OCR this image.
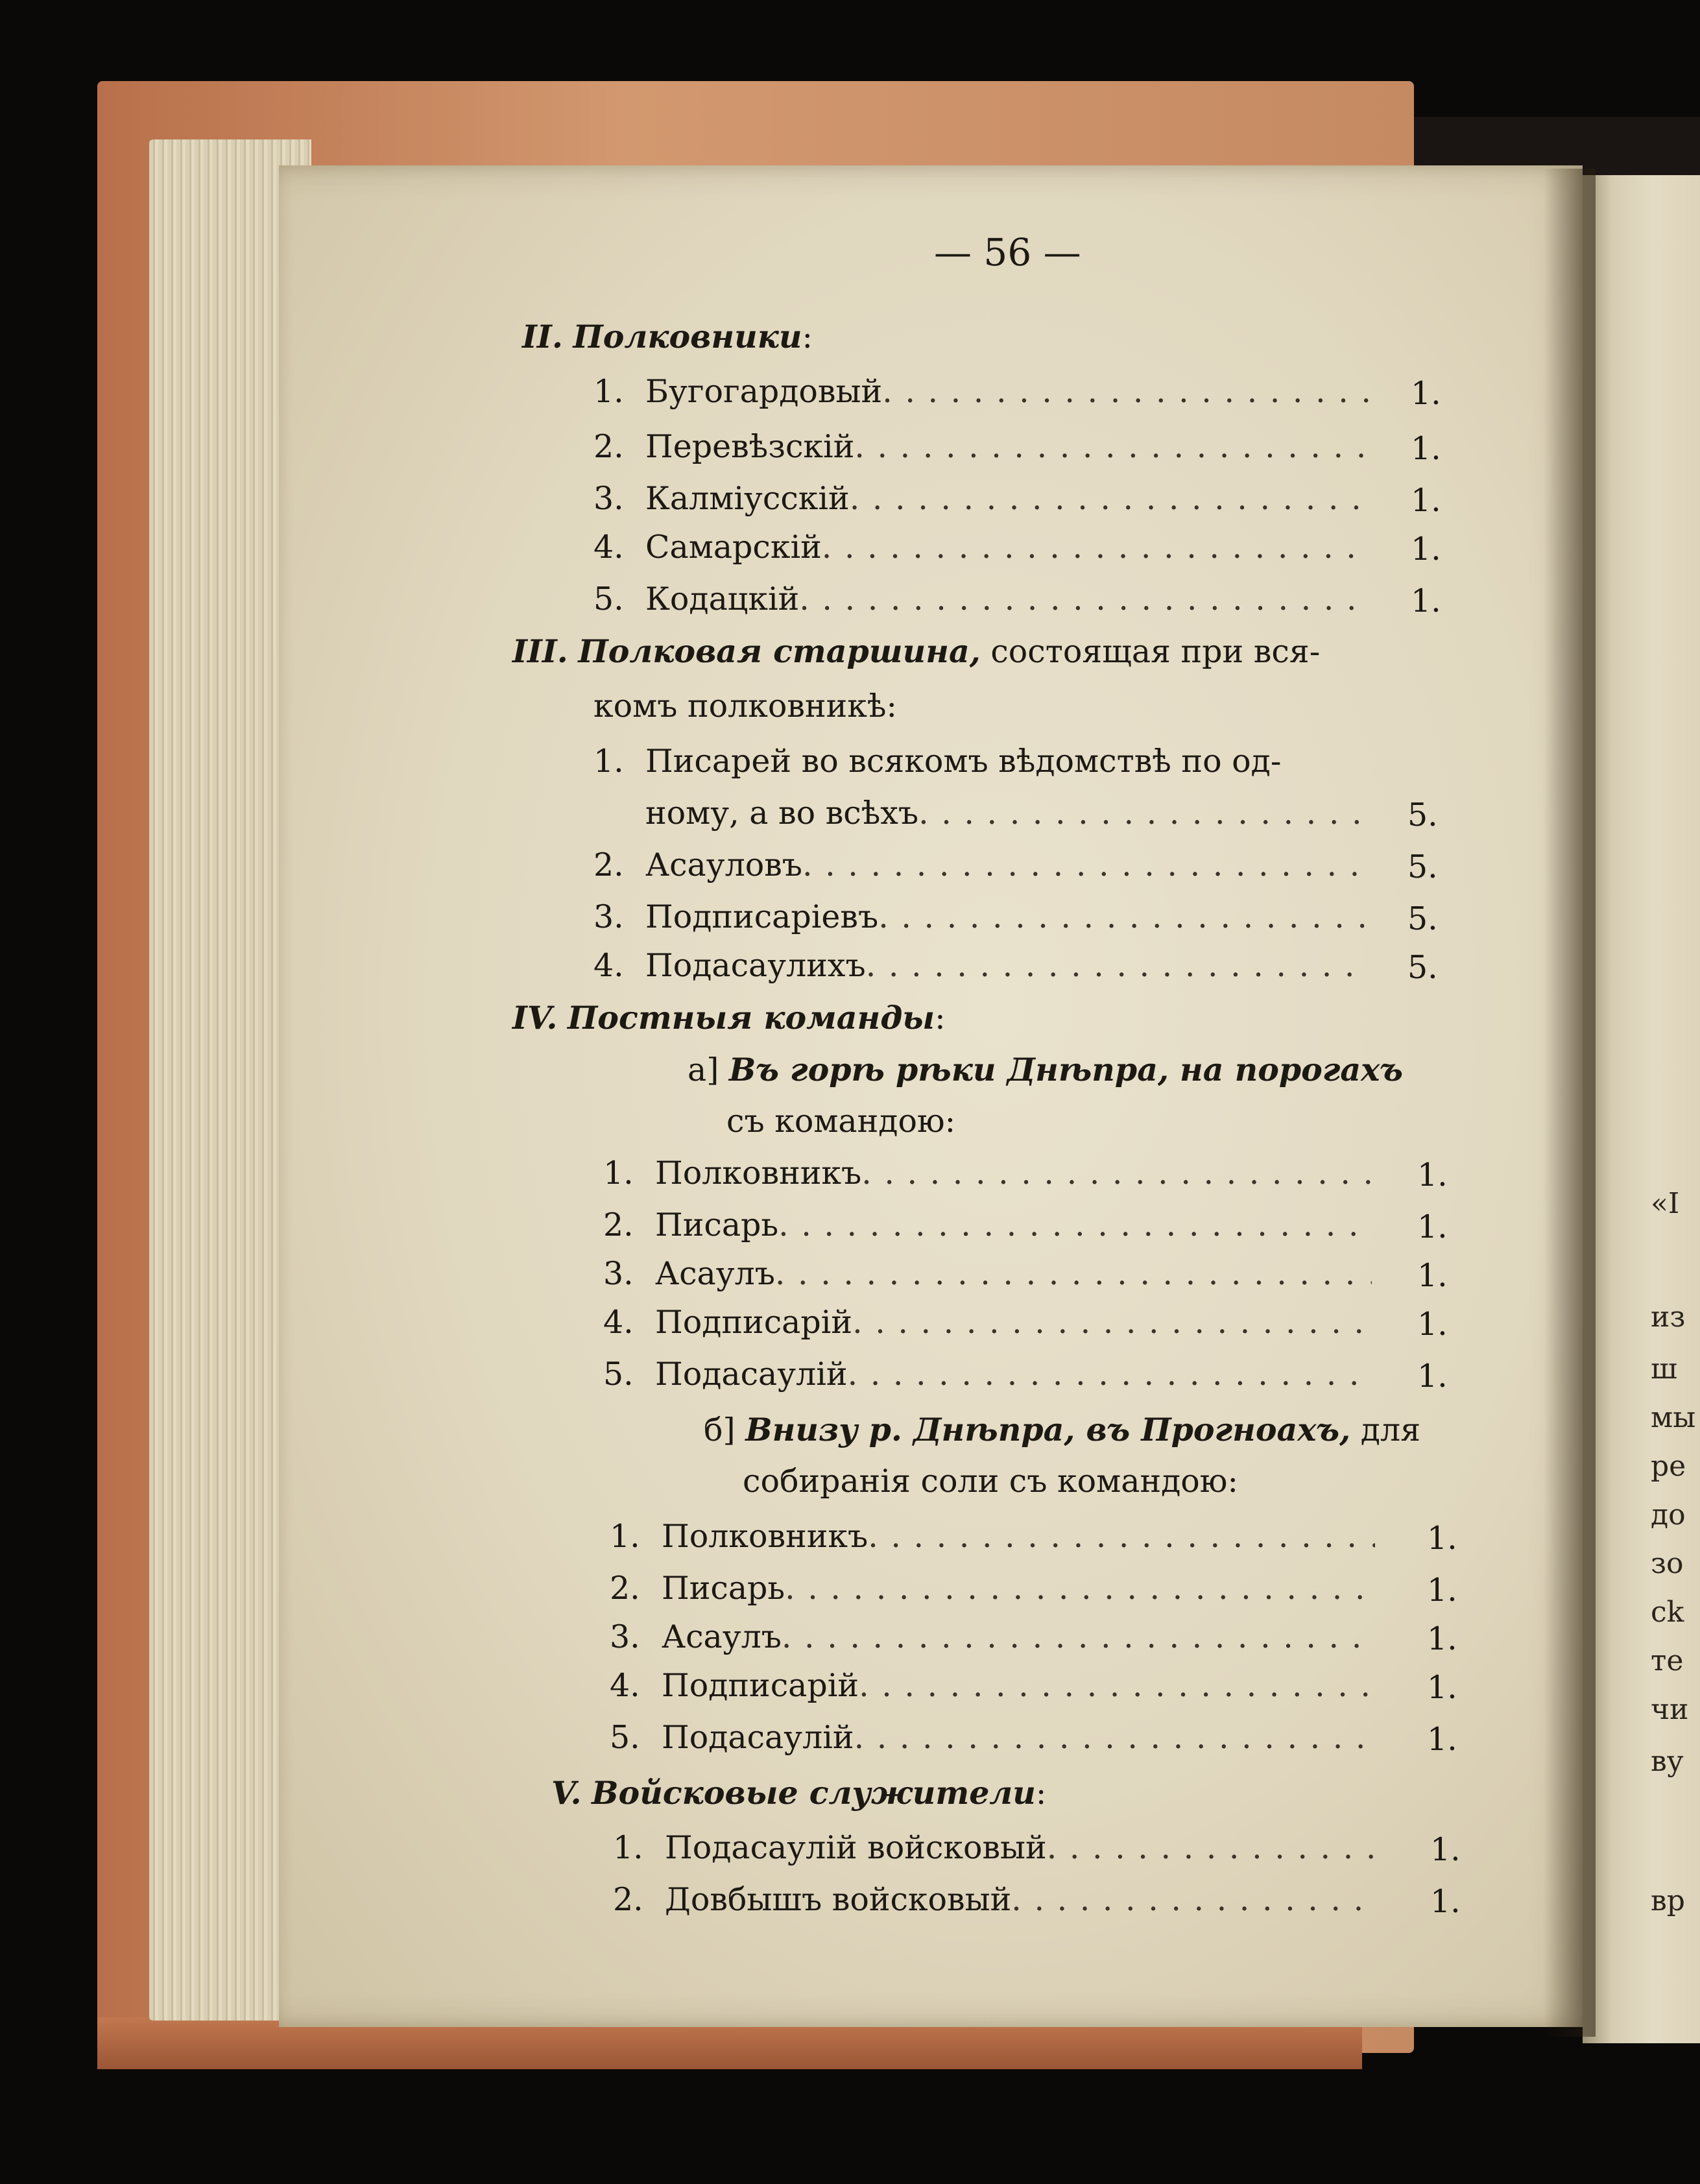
— 56 —
II. Полковники:
1. Бугогардовый . . .	1.
2. Перевѣзскій . . .	1.
3. Калміусскій . . .	1.
4. Самарскій . . .	1.
5. Кодацкій . . .	1.
III. Полковая старшина, состоящая при вся-
комъ полковникѣ:
1. Писарей во всякомъ вѣдомствѣ по од-
ному, а во всѣхъ . . .	5.
2. Асауловъ . . .	5.
3. Подписаріевъ . . .	5.
4. Подасаулихъ . . .	5.
IV. Постныя команды:
а] Въ горѣ рѣки Днѣпра, на порогахъ
съ командою:
1. Полковникъ . . .	1.
2. Писарь . . .	1.
3. Асаулъ . . .	1.
4. Подписарій . . .	1.
5. Подасаулій . . .	1.
б] Внизу р. Днѣпра, въ Прогноахъ, для
собиранія соли съ командою:
1. Полковникъ . . .	1.
2. Писарь . . .	1.
3. Асаулъ . . .	1.
4. Подписарій . . .	1.
5. Подасаулій . . .	1.
V. Войсковые служители:
1. Подасаулій войсковый . . .	1.
2. Довбышъ войсковый . . .	1.
«I
из
ш
мы
ре
до
зо
ck
те
чи
ву
вр
